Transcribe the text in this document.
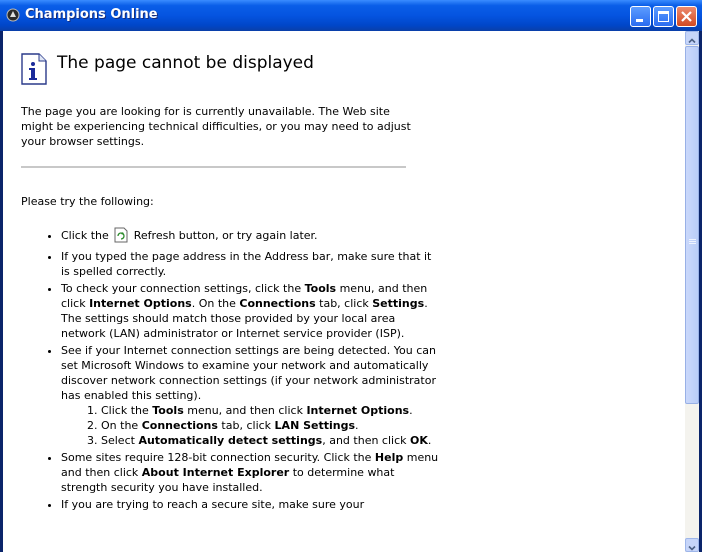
Champions Online
The page cannot be displayed

The page you are looking for is currently unavailable. The Web site might be experiencing technical difficulties, or you may need to adjust your browser settings.

Please try the following:

• Click the Refresh button, or try again later.
• If you typed the page address in the Address bar, make sure that it is spelled correctly.
• To check your connection settings, click the Tools menu, and then click Internet Options. On the Connections tab, click Settings. The settings should match those provided by your local area network (LAN) administrator or Internet service provider (ISP).
• See if your Internet connection settings are being detected. You can set Microsoft Windows to examine your network and automatically discover network connection settings (if your network administrator has enabled this setting).
1. Click the Tools menu, and then click Internet Options.
2. On the Connections tab, click LAN Settings.
3. Select Automatically detect settings, and then click OK.
• Some sites require 128-bit connection security. Click the Help menu and then click About Internet Explorer to determine what strength security you have installed.
• If you are trying to reach a secure site, make sure your
